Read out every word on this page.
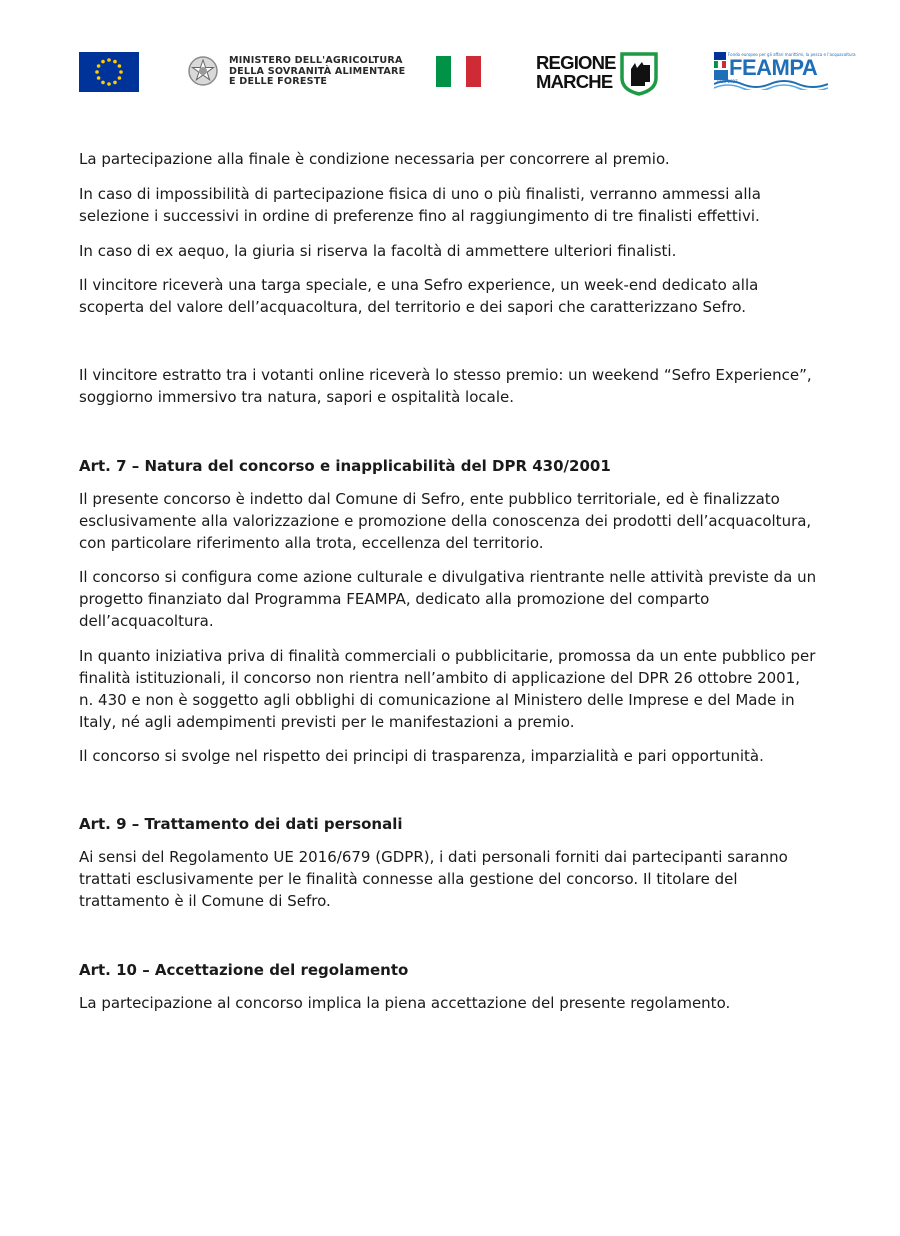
MINISTERO DELL'AGRICOLTURA
DELLA SOVRANITÀ ALIMENTARE
E DELLE FORESTE
REGIONE
MARCHE
Fondo europeo per gli affari marittimi, la pesca e l'acquacoltura
FEAMPA
2021 2027

La partecipazione alla finale è condizione necessaria per concorrere al premio.

In caso di impossibilità di partecipazione fisica di uno o più finalisti, verranno ammessi alla selezione i successivi in ordine di preferenze fino al raggiungimento di tre finalisti effettivi.

In caso di ex aequo, la giuria si riserva la facoltà di ammettere ulteriori finalisti.

Il vincitore riceverà una targa speciale, e una Sefro experience, un week-end dedicato alla scoperta del valore dell’acquacoltura, del territorio e dei sapori che caratterizzano Sefro.

Il vincitore estratto tra i votanti online riceverà lo stesso premio: un weekend “Sefro Experience”, soggiorno immersivo tra natura, sapori e ospitalità locale.

Art. 7 – Natura del concorso e inapplicabilità del DPR 430/2001

Il presente concorso è indetto dal Comune di Sefro, ente pubblico territoriale, ed è finalizzato esclusivamente alla valorizzazione e promozione della conoscenza dei prodotti dell’acquacoltura, con particolare riferimento alla trota, eccellenza del territorio.

Il concorso si configura come azione culturale e divulgativa rientrante nelle attività previste da un progetto finanziato dal Programma FEAMPA, dedicato alla promozione del comparto dell’acquacoltura.

In quanto iniziativa priva di finalità commerciali o pubblicitarie, promossa da un ente pubblico per finalità istituzionali, il concorso non rientra nell’ambito di applicazione del DPR 26 ottobre 2001, n. 430 e non è soggetto agli obblighi di comunicazione al Ministero delle Imprese e del Made in Italy, né agli adempimenti previsti per le manifestazioni a premio.

Il concorso si svolge nel rispetto dei principi di trasparenza, imparzialità e pari opportunità.

Art. 9 – Trattamento dei dati personali

Ai sensi del Regolamento UE 2016/679 (GDPR), i dati personali forniti dai partecipanti saranno trattati esclusivamente per le finalità connesse alla gestione del concorso. Il titolare del trattamento è il Comune di Sefro.

Art. 10 – Accettazione del regolamento

La partecipazione al concorso implica la piena accettazione del presente regolamento.
